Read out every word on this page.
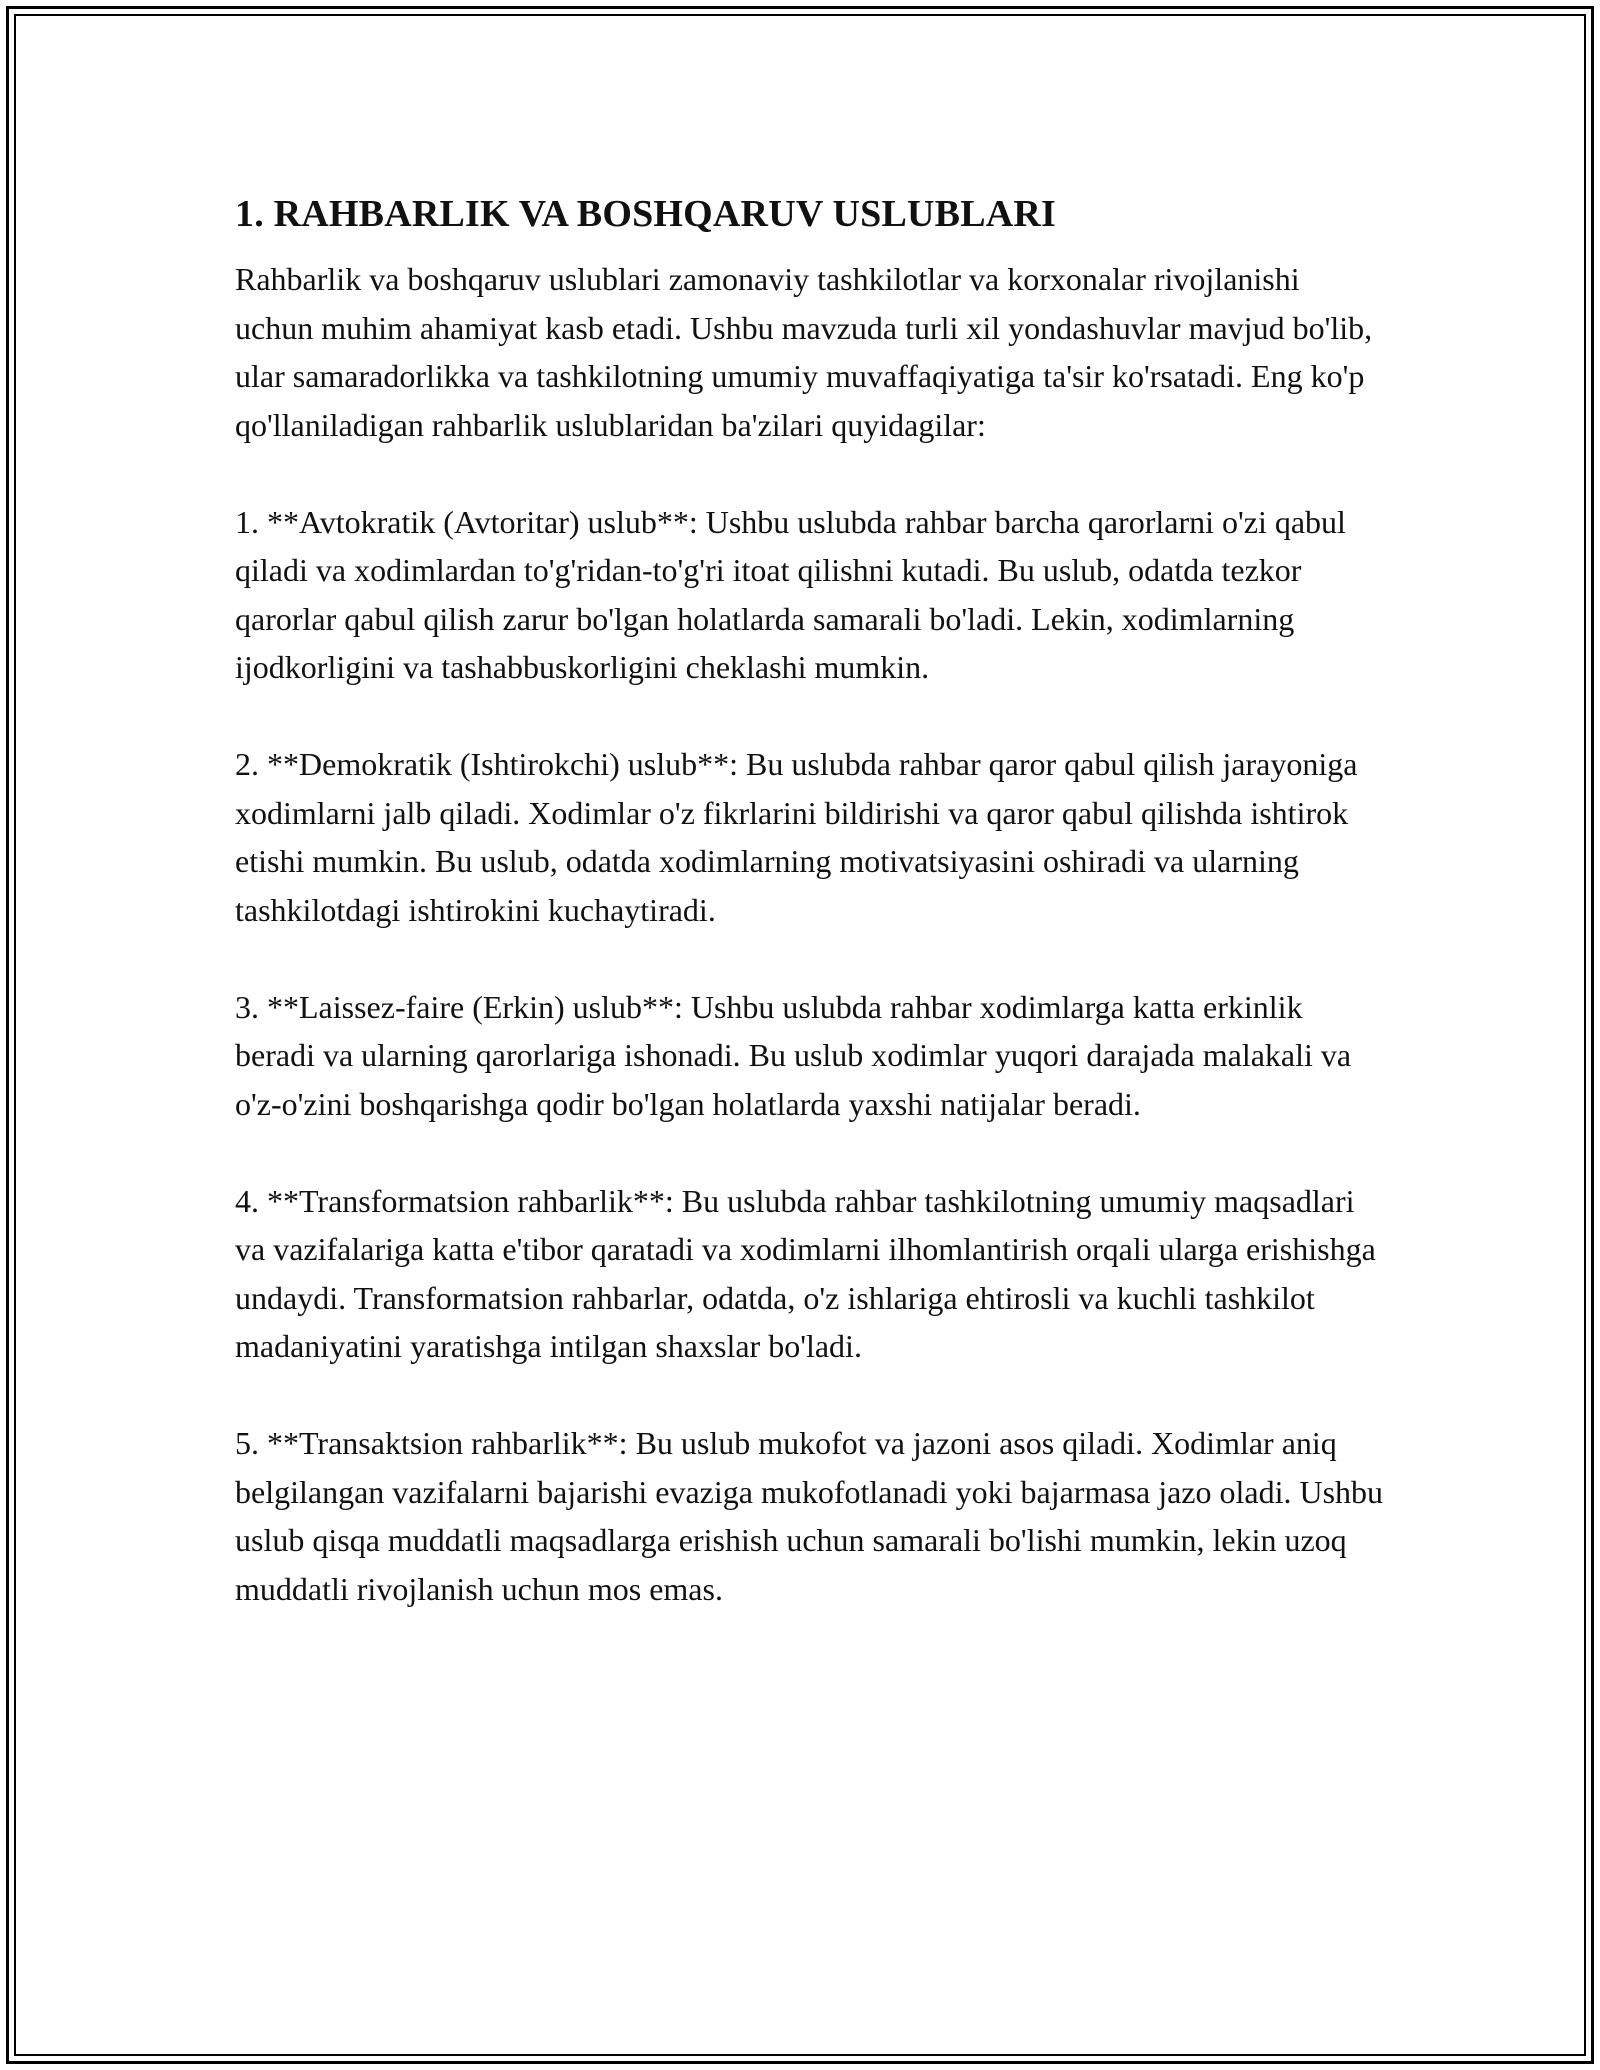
1. RAHBARLIK VA BOSHQARUV USLUBLARI

Rahbarlik va boshqaruv uslublari zamonaviy tashkilotlar va korxonalar rivojlanishi uchun muhim ahamiyat kasb etadi. Ushbu mavzuda turli xil yondashuvlar mavjud bo'lib, ular samaradorlikka va tashkilotning umumiy muvaffaqiyatiga ta'sir ko'rsatadi. Eng ko'p qo'llaniladigan rahbarlik uslublaridan ba'zilari quyidagilar:

1. **Avtokratik (Avtoritar) uslub**: Ushbu uslubda rahbar barcha qarorlarni o'zi qabul qiladi va xodimlardan to'g'ridan-to'g'ri itoat qilishni kutadi. Bu uslub, odatda tezkor qarorlar qabul qilish zarur bo'lgan holatlarda samarali bo'ladi. Lekin, xodimlarning ijodkorligini va tashabbuskorligini cheklashi mumkin.

2. **Demokratik (Ishtirokchi) uslub**: Bu uslubda rahbar qaror qabul qilish jarayoniga xodimlarni jalb qiladi. Xodimlar o'z fikrlarini bildirishi va qaror qabul qilishda ishtirok etishi mumkin. Bu uslub, odatda xodimlarning motivatsiyasini oshiradi va ularning tashkilotdagi ishtirokini kuchaytiradi.

3. **Laissez-faire (Erkin) uslub**: Ushbu uslubda rahbar xodimlarga katta erkinlik beradi va ularning qarorlariga ishonadi. Bu uslub xodimlar yuqori darajada malakali va o'z-o'zini boshqarishga qodir bo'lgan holatlarda yaxshi natijalar beradi.

4. **Transformatsion rahbarlik**: Bu uslubda rahbar tashkilotning umumiy maqsadlari va vazifalariga katta e'tibor qaratadi va xodimlarni ilhomlantirish orqali ularga erishishga undaydi. Transformatsion rahbarlar, odatda, o'z ishlariga ehtirosli va kuchli tashkilot madaniyatini yaratishga intilgan shaxslar bo'ladi.

5. **Transaktsion rahbarlik**: Bu uslub mukofot va jazoni asos qiladi. Xodimlar aniq belgilangan vazifalarni bajarishi evaziga mukofotlanadi yoki bajarmasa jazo oladi. Ushbu uslub qisqa muddatli maqsadlarga erishish uchun samarali bo'lishi mumkin, lekin uzoq muddatli rivojlanish uchun mos emas.
